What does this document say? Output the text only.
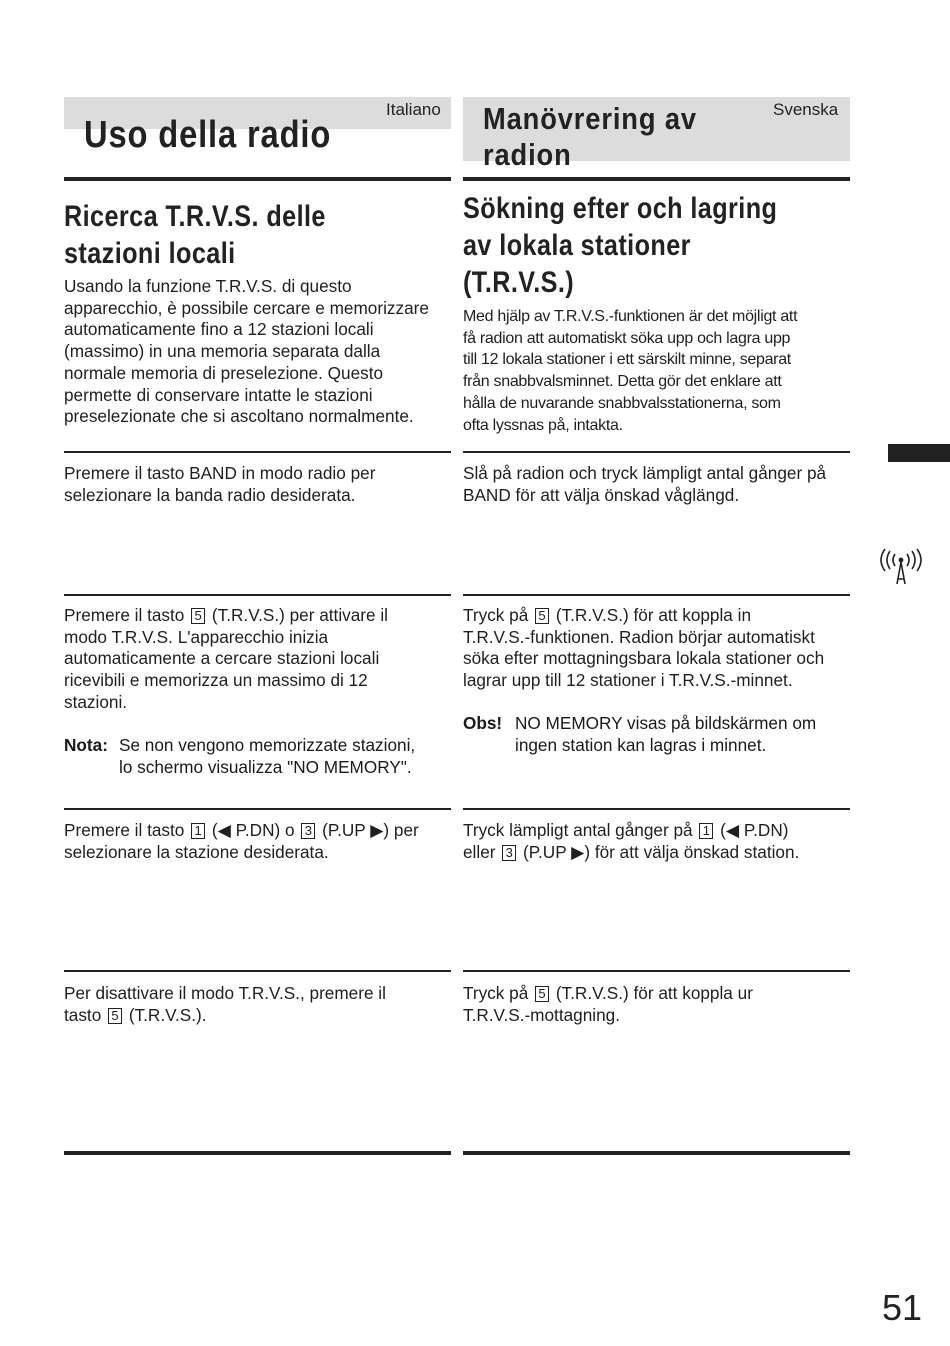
Italiano	Svenska
Uso della radio	Manövrering av
radion
Ricerca T.R.V.S. delle
stazioni locali
Sökning efter och lagring
av lokala stationer
(T.R.V.S.)
Usando la funzione T.R.V.S. di questo
apparecchio, è possibile cercare e memorizzare
automaticamente fino a 12 stazioni locali
(massimo) in una memoria separata dalla
normale memoria di preselezione. Questo
permette di conservare intatte le stazioni
preselezionate che si ascoltano normalmente.
Med hjälp av T.R.V.S.-funktionen är det möjligt att
få radion att automatiskt söka upp och lagra upp
till 12 lokala stationer i ett särskilt minne, separat
från snabbvalsminnet. Detta gör det enklare att
hålla de nuvarande snabbvalsstationerna, som
ofta lyssnas på, intakta.
Premere il tasto BAND in modo radio per
selezionare la banda radio desiderata.
Slå på radion och tryck lämpligt antal gånger på
BAND för att välja önskad våglängd.
Premere il tasto 5 (T.R.V.S.) per attivare il
modo T.R.V.S. L'apparecchio inizia
automaticamente a cercare stazioni locali
ricevibili e memorizza un massimo di 12
stazioni.
Nota: Se non vengono memorizzate stazioni,
lo schermo visualizza "NO MEMORY".
Tryck på 5 (T.R.V.S.) för att koppla in
T.R.V.S.-funktionen. Radion börjar automatiskt
söka efter mottagningsbara lokala stationer och
lagrar upp till 12 stationer i T.R.V.S.-minnet.
Obs! NO MEMORY visas på bildskärmen om
ingen station kan lagras i minnet.
Premere il tasto 1 (◀ P.DN) o 3 (P.UP ▶) per
selezionare la stazione desiderata.
Tryck lämpligt antal gånger på 1 (◀ P.DN)
eller 3 (P.UP ▶) för att välja önskad station.
Per disattivare il modo T.R.V.S., premere il
tasto 5 (T.R.V.S.).
Tryck på 5 (T.R.V.S.) för att koppla ur
T.R.V.S.-mottagning.
51
